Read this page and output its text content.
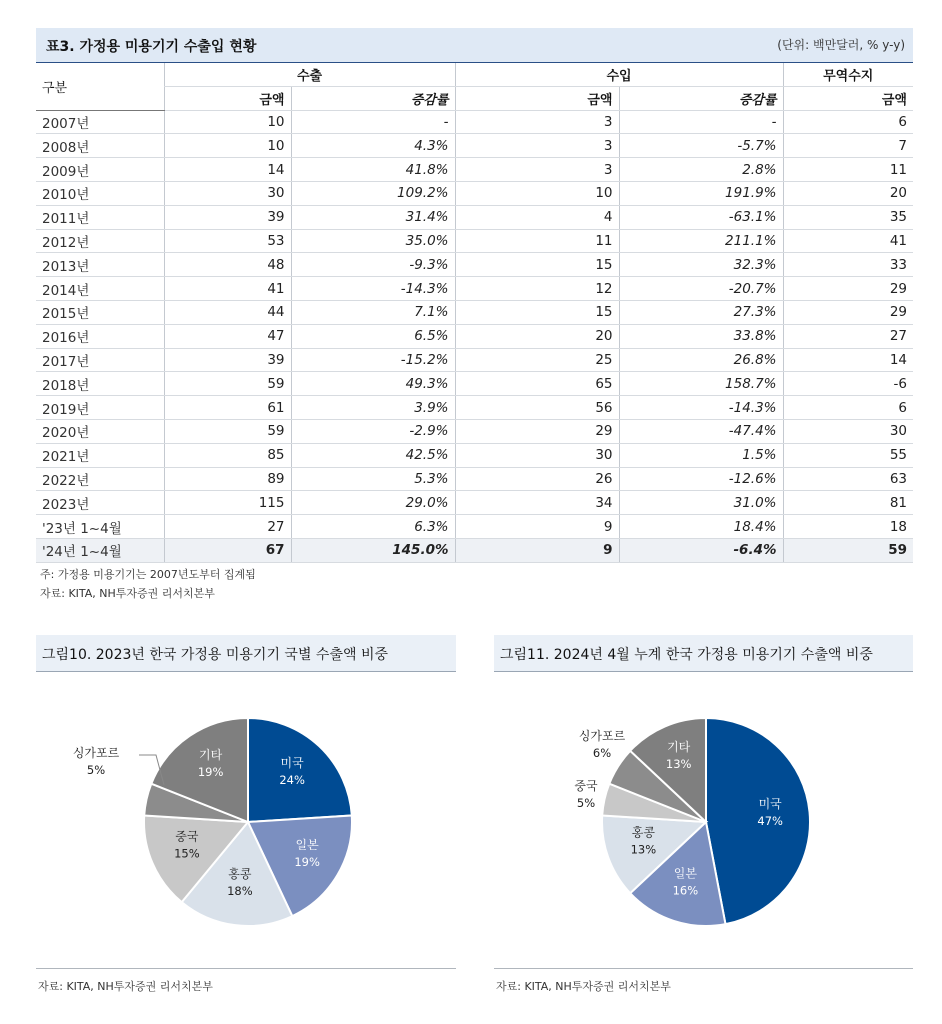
표3. 가정용 미용기기 수출입 현황	(단위: 백만달러, % y-y)
구분	수출		수입		무역수지
	금액	증감률	금액	증감률	금액
2007년	10	-	3	-	6
2008년	10	4.3%	3	-5.7%	7
2009년	14	41.8%	3	2.8%	11
2010년	30	109.2%	10	191.9%	20
2011년	39	31.4%	4	-63.1%	35
2012년	53	35.0%	11	211.1%	41
2013년	48	-9.3%	15	32.3%	33
2014년	41	-14.3%	12	-20.7%	29
2015년	44	7.1%	15	27.3%	29
2016년	47	6.5%	20	33.8%	27
2017년	39	-15.2%	25	26.8%	14
2018년	59	49.3%	65	158.7%	-6
2019년	61	3.9%	56	-14.3%	6
2020년	59	-2.9%	29	-47.4%	30
2021년	85	42.5%	30	1.5%	55
2022년	89	5.3%	26	-12.6%	63
2023년	115	29.0%	34	31.0%	81
'23년 1~4월	27	6.3%	9	18.4%	18
'24년 1~4월	67	145.0%	9	-6.4%	59
주: 가정용 미용기기는 2007년도부터 집계됨
자료: KITA, NH투자증권 리서치본부
그림10. 2023년 한국 가정용 미용기기 국별 수출액 비중
미국
24%
일본
19%
홍콩
18%
중국
15%
싱가포르
5%
기타
19%
자료: KITA, NH투자증권 리서치본부
그림11. 2024년 4월 누계 한국 가정용 미용기기 수출액 비중
미국
47%
일본
16%
홍콩
13%
중국
5%
싱가포르
6%	기타
13%
자료: KITA, NH투자증권 리서치본부
